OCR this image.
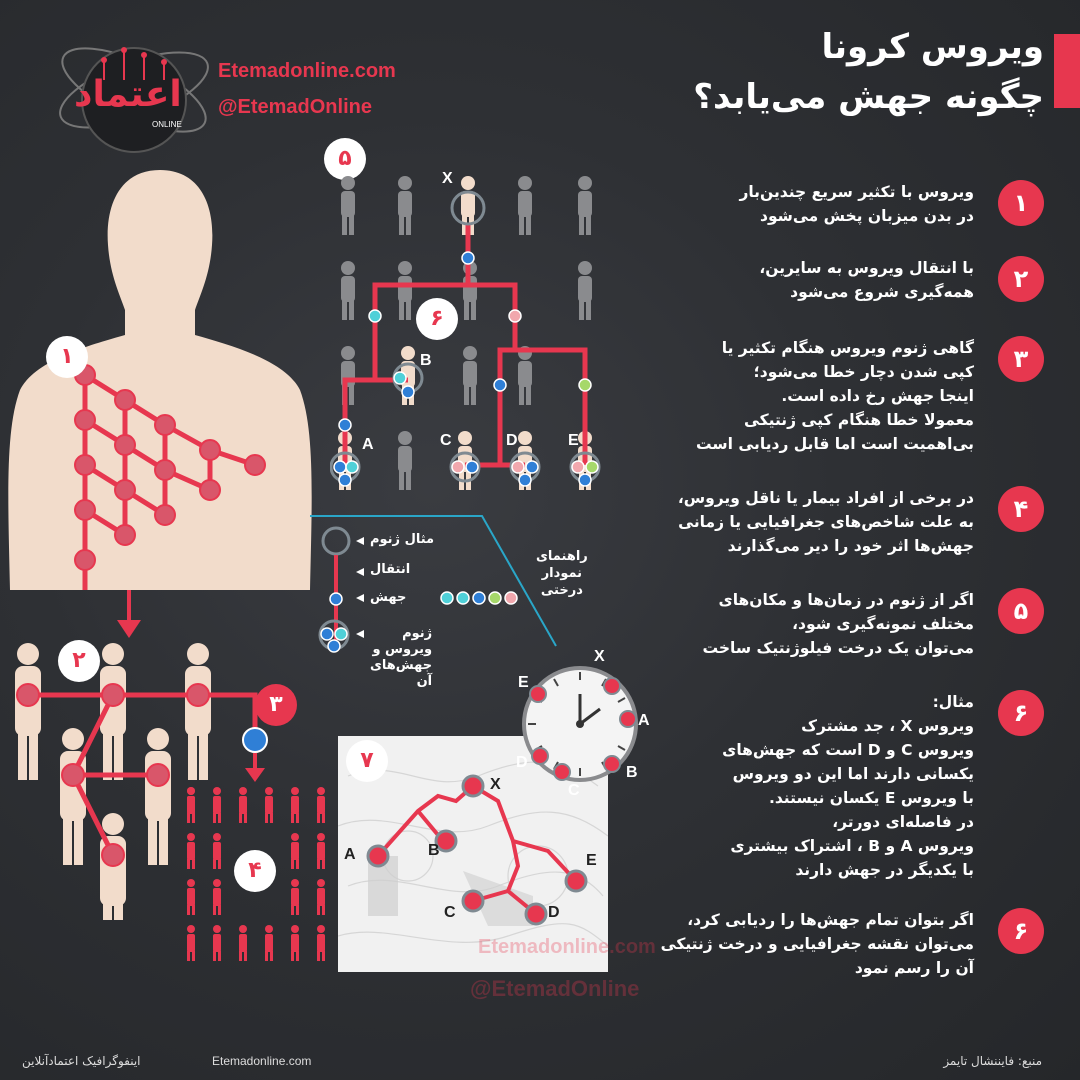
اعتماد
ONLINE
Etemadonline.com
@EtemadOnline
ویروس کرونا
چگونه جهش می‌یابد؟
۱
ویروس با تکثیر سریع چندین‌بار
در بدن میزبان پخش می‌شود
۲
با انتقال ویروس به سایرین،
همه‌گیری شروع می‌شود
۳
گاهی ژنوم ویروس هنگام تکثیر یا
کپی شدن دچار خطا می‌شود؛
اینجا جهش رخ داده است.
معمولا خطا هنگام کپی ژنتیکی
بی‌اهمیت است اما قابل ردیابی است
۴
در برخی از افراد بیمار یا ناقل ویروس،
به علت شاخص‌های جغرافیایی یا زمانی
جهش‌ها اثر خود را دیر می‌گذارند
۵
اگر از ژنوم در زمان‌ها و مکان‌های
مختلف نمونه‌گیری شود،
می‌توان یک درخت فیلوژنتیک ساخت
۶
مثال:
ویروس X ، جد مشترک
ویروس C و D است که جهش‌های
یکسانی دارند اما این دو ویروس
با ویروس E یکسان نیستند.
در فاصله‌ای دورتر،
ویروس A و B ، اشتراک بیشتری
با یکدیگر در جهش دارند
۶
اگر بتوان تمام جهش‌ها را ردیابی کرد،
می‌توان نقشه جغرافیایی و درخت ژنتیکی
آن را رسم نمود
۱
۲
۳
۴
۵
۶
X
B
A	C	D	E
مثال ژنوم
انتقال
جهش
ژنوم
ویروس و
جهش‌های
آن
راهنمای
نمودار
درختی
۷
X
A	B
C	D
E
X
E
A
D
B
C
Etemadonline.com
@EtemadOnline
اینفوگرافیک اعتمادآنلاین	Etemadonline.com	منبع: فایننشال تایمز
